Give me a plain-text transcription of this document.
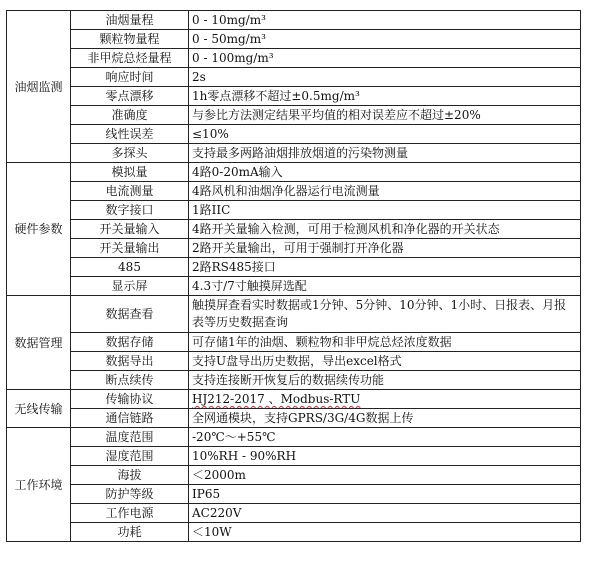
油烟监测	油烟量程	0 - 10mg/m³
	颗粒物量程	0 - 50mg/m³
	非甲烷总烃量程	0 - 100mg/m³
	响应时间	2s
	零点漂移	1h零点漂移不超过±0.5mg/m³
	准确度	与参比方法测定结果平均值的相对误差应不超过±20%
	线性误差	≤10%
	多探头	支持最多两路油烟排放烟道的污染物测量
硬件参数	模拟量	4路0-20mA输入
	电流测量	4路风机和油烟净化器运行电流测量
	数字接口	1路IIC
	开关量输入	4路开关量输入检测，可用于检测风机和净化器的开关状态
	开关量输出	2路开关量输出，可用于强制打开净化器
	485	2路RS485接口
	显示屏	4.3寸/7寸触摸屏选配
数据管理	数据查看	触摸屏查看实时数据或1分钟、5分钟、10分钟、1小时、日报表、月报表等历史数据查询
	数据存储	可存储1年的油烟、颗粒物和非甲烷总烃浓度数据
	数据导出	支持U盘导出历史数据，导出excel格式
	断点续传	支持连接断开恢复后的数据续传功能
无线传输	传输协议	HJ212-2017 、Modbus-RTU
	通信链路	全网通模块，支持GPRS/3G/4G数据上传
工作环境	温度范围	-20℃～+55℃
	湿度范围	10%RH - 90%RH
	海拔	＜2000m
	防护等级	IP65
	工作电源	AC220V
	功耗	＜10W
